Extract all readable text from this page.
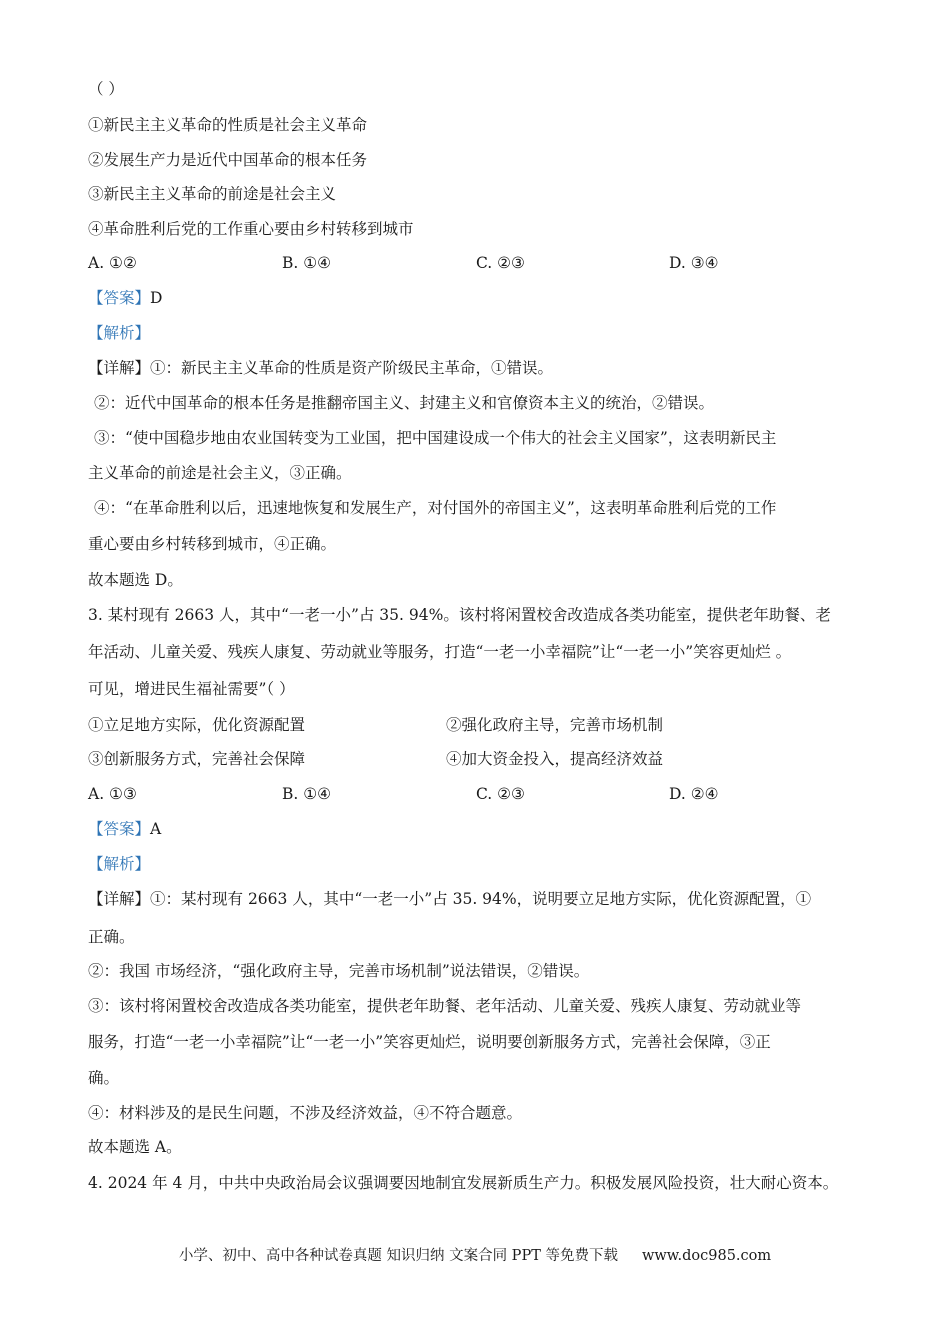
（ ）
①新民主主义革命的性质是社会主义革命
②发展生产力是近代中国革命的根本任务
③新民主主义革命的前途是社会主义
④革命胜利后党的工作重心要由乡村转移到城市
A. ①②	B. ①④	C. ②③	D. ③④
【答案】D
【解析】
【详解】①：新民主主义革命的性质是资产阶级民主革命，①错误。
②：近代中国革命的根本任务是推翻帝国主义、封建主义和官僚资本主义的统治，②错误。
③：“使中国稳步地由农业国转变为工业国，把中国建设成一个伟大的社会主义国家”，这表明新民主
主义革命的前途是社会主义，③正确。
④：“在革命胜利以后，迅速地恢复和发展生产，对付国外的帝国主义”，这表明革命胜利后党的工作
重心要由乡村转移到城市，④正确。
故本题选 D。
3. 某村现有 2663 人，其中“一老一小”占 35. 94%。该村将闲置校舍改造成各类功能室，提供老年助餐、老
年活动、儿童关爱、残疾人康复、劳动就业等服务，打造“一老一小幸福院”让“一老一小”笑容更灿烂 。
可见，增进民生福祉需要”（ ）
①立足地方实际，优化资源配置	②强化政府主导，完善市场机制
③创新服务方式，完善社会保障	④加大资金投入，提高经济效益
A. ①③	B. ①④	C. ②③	D. ②④
【答案】A
【解析】
【详解】①：某村现有 2663 人，其中“一老一小”占 35. 94%，说明要立足地方实际，优化资源配置，①
正确。
②：我国 市场经济，“强化政府主导，完善市场机制”说法错误，②错误。
③：该村将闲置校舍改造成各类功能室，提供老年助餐、老年活动、儿童关爱、残疾人康复、劳动就业等
服务，打造“一老一小幸福院”让“一老一小”笑容更灿烂，说明要创新服务方式，完善社会保障，③正
确。
④：材料涉及的是民生问题，不涉及经济效益，④不符合题意。
故本题选 A。
4. 2024 年 4 月，中共中央政治局会议强调要因地制宜发展新质生产力。积极发展风险投资，壮大耐心资本。
小学、初中、高中各种试卷真题 知识归纳 文案合同 PPT 等免费下载 www.doc985.com
